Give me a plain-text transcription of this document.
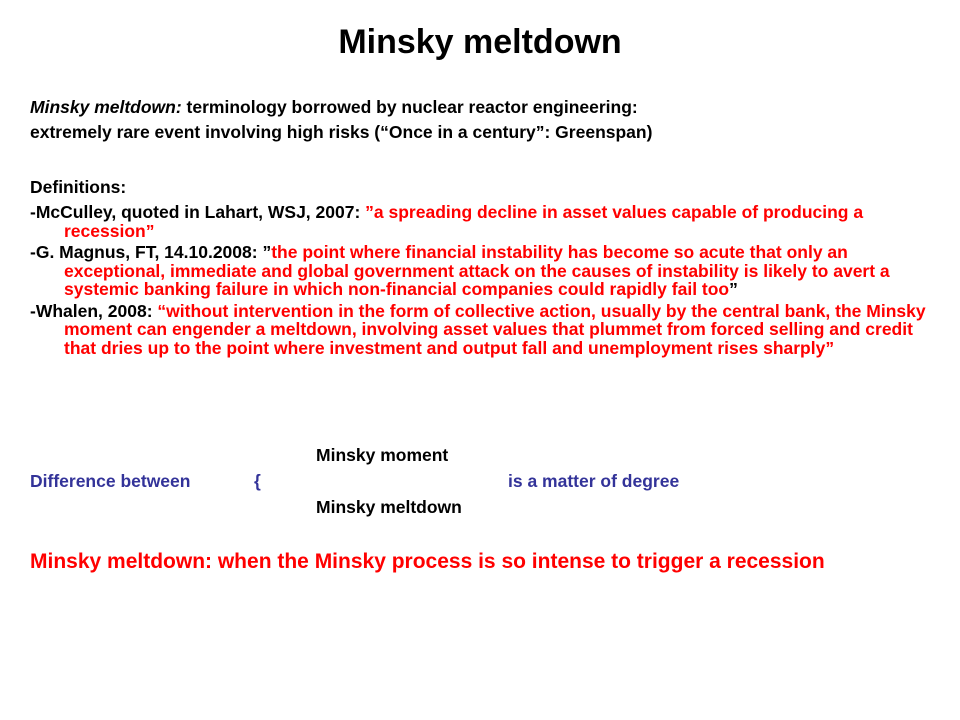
Minsky meltdown

Minsky meltdown: terminology borrowed by nuclear reactor engineering:

extremely rare event involving high risks (“Once in a century”: Greenspan)

Definitions:
-McCulley, quoted in Lahart, WSJ, 2007: ”a spreading decline in asset values capable of producing a recession”
-G. Magnus, FT, 14.10.2008: ”the point where financial instability has become so acute that only an exceptional, immediate and global government attack on the causes of instability is likely to avert a systemic banking failure in which non-financial companies could rapidly fail too”
-Whalen, 2008: “without intervention in the form of collective action, usually by the central bank, the Minsky moment can engender a meltdown, involving asset values that plummet from forced selling and credit that dries up to the point where investment and output fall and unemployment rises sharply”
Minsky moment
Difference between	{	is a matter of degree
Minsky meltdown
Minsky meltdown: when the Minsky process is so intense to trigger a recession
